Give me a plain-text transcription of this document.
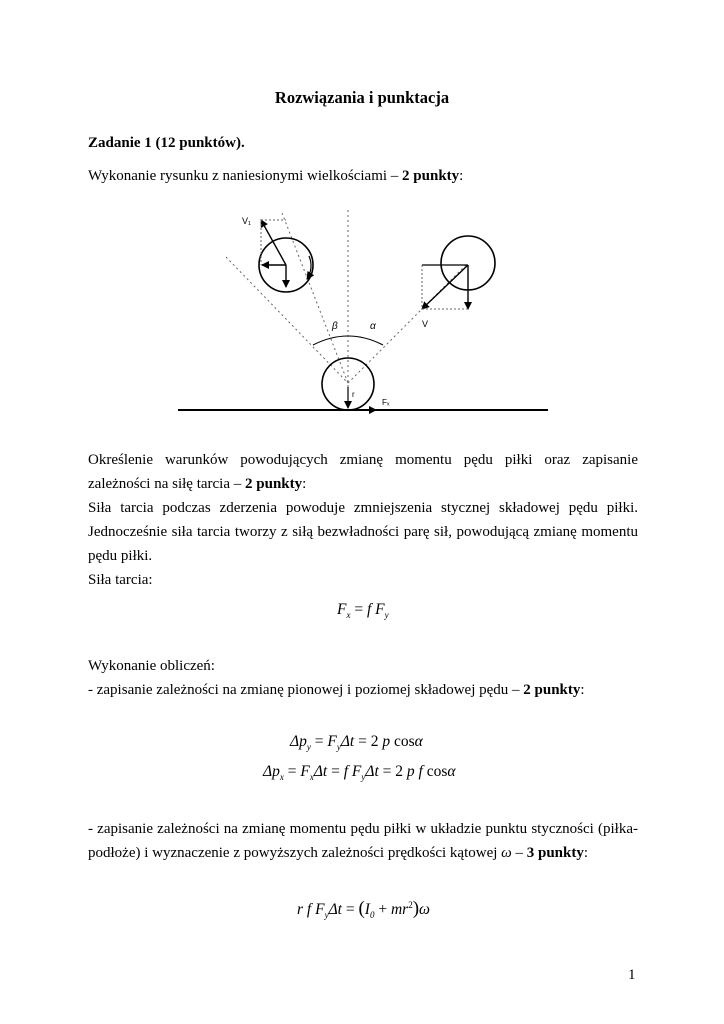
Rozwiązania i punktacja
Zadanie 1 (12 punktów).
Wykonanie rysunku z naniesionymi wielkościami – 2 punkty:
V₁
V
β	α
r
Fₓ
Określenie warunków powodujących zmianę momentu pędu piłki oraz zapisanie zależności na siłę tarcia – 2 punkty:
Siła tarcia podczas zderzenia powoduje zmniejszenia stycznej składowej pędu piłki. Jednocześnie siła tarcia tworzy z siłą bezwładności parę sił, powodującą zmianę momentu pędu piłki.
Siła tarcia:
$F_x = f$ $F_y$
Wykonanie obliczeń:
- zapisanie zależności na zmianę pionowej i poziomej składowej pędu – 2 punkty:
$\Delta p_y = F_y\Delta t = 2$ p cosα
$\Delta p_x = F_x\Delta t = f$ $F_y\Delta t = 2$ p f cosα
- zapisanie zależności na zmianę momentu pędu piłki w układzie punktu styczności (piłka-podłoże) i wyznaczenie z powyższych zależności prędkości kątowej ω – 3 punkty:
r f $F_y\Delta t = (I_0 + mr^2)\omega$
1
